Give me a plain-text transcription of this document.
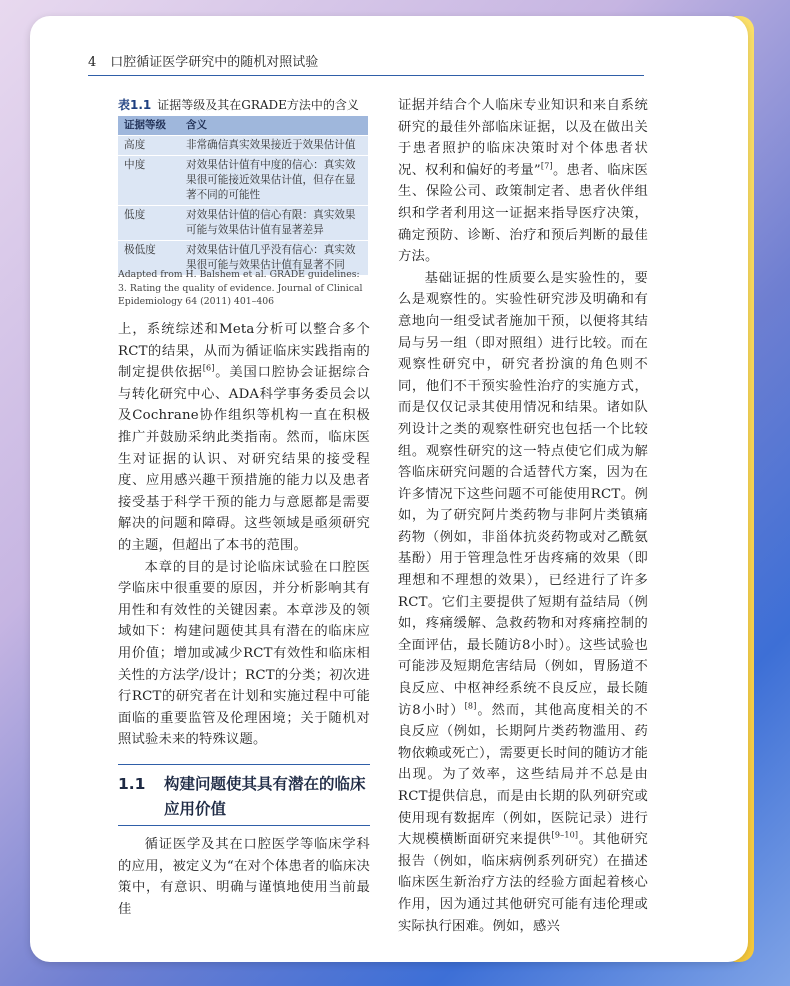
4 口腔循证医学研究中的随机对照试验
表1.1 证据等级及其在GRADE方法中的含义
证据等级	含义
高度	非常确信真实效果接近于效果估计值
中度	对效果估计值有中度的信心：真实效果很可能接近效果估计值，但存在显著不同的可能性
低度	对效果估计值的信心有限：真实效果可能与效果估计值有显著差异
极低度	对效果估计值几乎没有信心：真实效果很可能与效果估计值有显著不同
Adapted from H. Balshem et al. GRADE guidelines: 3. Rating the quality of evidence. Journal of Clinical Epidemiology 64 (2011) 401–406

上，系统综述和Meta分析可以整合多个RCT的结果，从而为循证临床实践指南的制定提供依据[6]。美国口腔协会证据综合与转化研究中心、ADA科学事务委员会以及Cochrane协作组织等机构一直在积极推广并鼓励采纳此类指南。然而，临床医生对证据的认识、对研究结果的接受程度、应用感兴趣干预措施的能力以及患者接受基于科学干预的能力与意愿都是需要解决的问题和障碍。这些领域是亟须研究的主题，但超出了本书的范围。

本章的目的是讨论临床试验在口腔医学临床中很重要的原因，并分析影响其有用性和有效性的关键因素。本章涉及的领域如下：构建问题使其具有潜在的临床应用价值；增加或减少RCT有效性和临床相关性的方法学/设计；RCT的分类；初次进行RCT的研究者在计划和实施过程中可能面临的重要监管及伦理困境；关于随机对照试验未来的特殊议题。

1.1	构建问题使其具有潜在的临床应用价值
循证医学及其在口腔医学等临床学科的应用，被定义为“在对个体患者的临床决策中，有意识、明确与谨慎地使用当前最佳

证据并结合个人临床专业知识和来自系统研究的最佳外部临床证据，以及在做出关于患者照护的临床决策时对个体患者状况、权利和偏好的考量”[7]。患者、临床医生、保险公司、政策制定者、患者伙伴组织和学者利用这一证据来指导医疗决策，确定预防、诊断、治疗和预后判断的最佳方法。

基础证据的性质要么是实验性的，要么是观察性的。实验性研究涉及明确和有意地向一组受试者施加干预，以便将其结局与另一组（即对照组）进行比较。而在观察性研究中，研究者扮演的角色则不同，他们不干预实验性治疗的实施方式，而是仅仅记录其使用情况和结果。诸如队列设计之类的观察性研究也包括一个比较组。观察性研究的这一特点使它们成为解答临床研究问题的合适替代方案，因为在许多情况下这些问题不可能使用RCT。例如，为了研究阿片类药物与非阿片类镇痛药物（例如，非甾体抗炎药物或对乙酰氨基酚）用于管理急性牙齿疼痛的效果（即理想和不理想的效果），已经进行了许多RCT。它们主要提供了短期有益结局（例如，疼痛缓解、急救药物和对疼痛控制的全面评估，最长随访8小时）。这些试验也可能涉及短期危害结局（例如，胃肠道不良反应、中枢神经系统不良反应，最长随访8小时）[8]。然而，其他高度相关的不良反应（例如，长期阿片类药物滥用、药物依赖或死亡），需要更长时间的随访才能出现。为了效率，这些结局并不总是由RCT提供信息，而是由长期的队列研究或使用现有数据库（例如，医院记录）进行大规模横断面研究来提供[9–10]。其他研究报告（例如，临床病例系列研究）在描述临床医生新治疗方法的经验方面起着核心作用，因为通过其他研究可能有违伦理或实际执行困难。例如，感兴
